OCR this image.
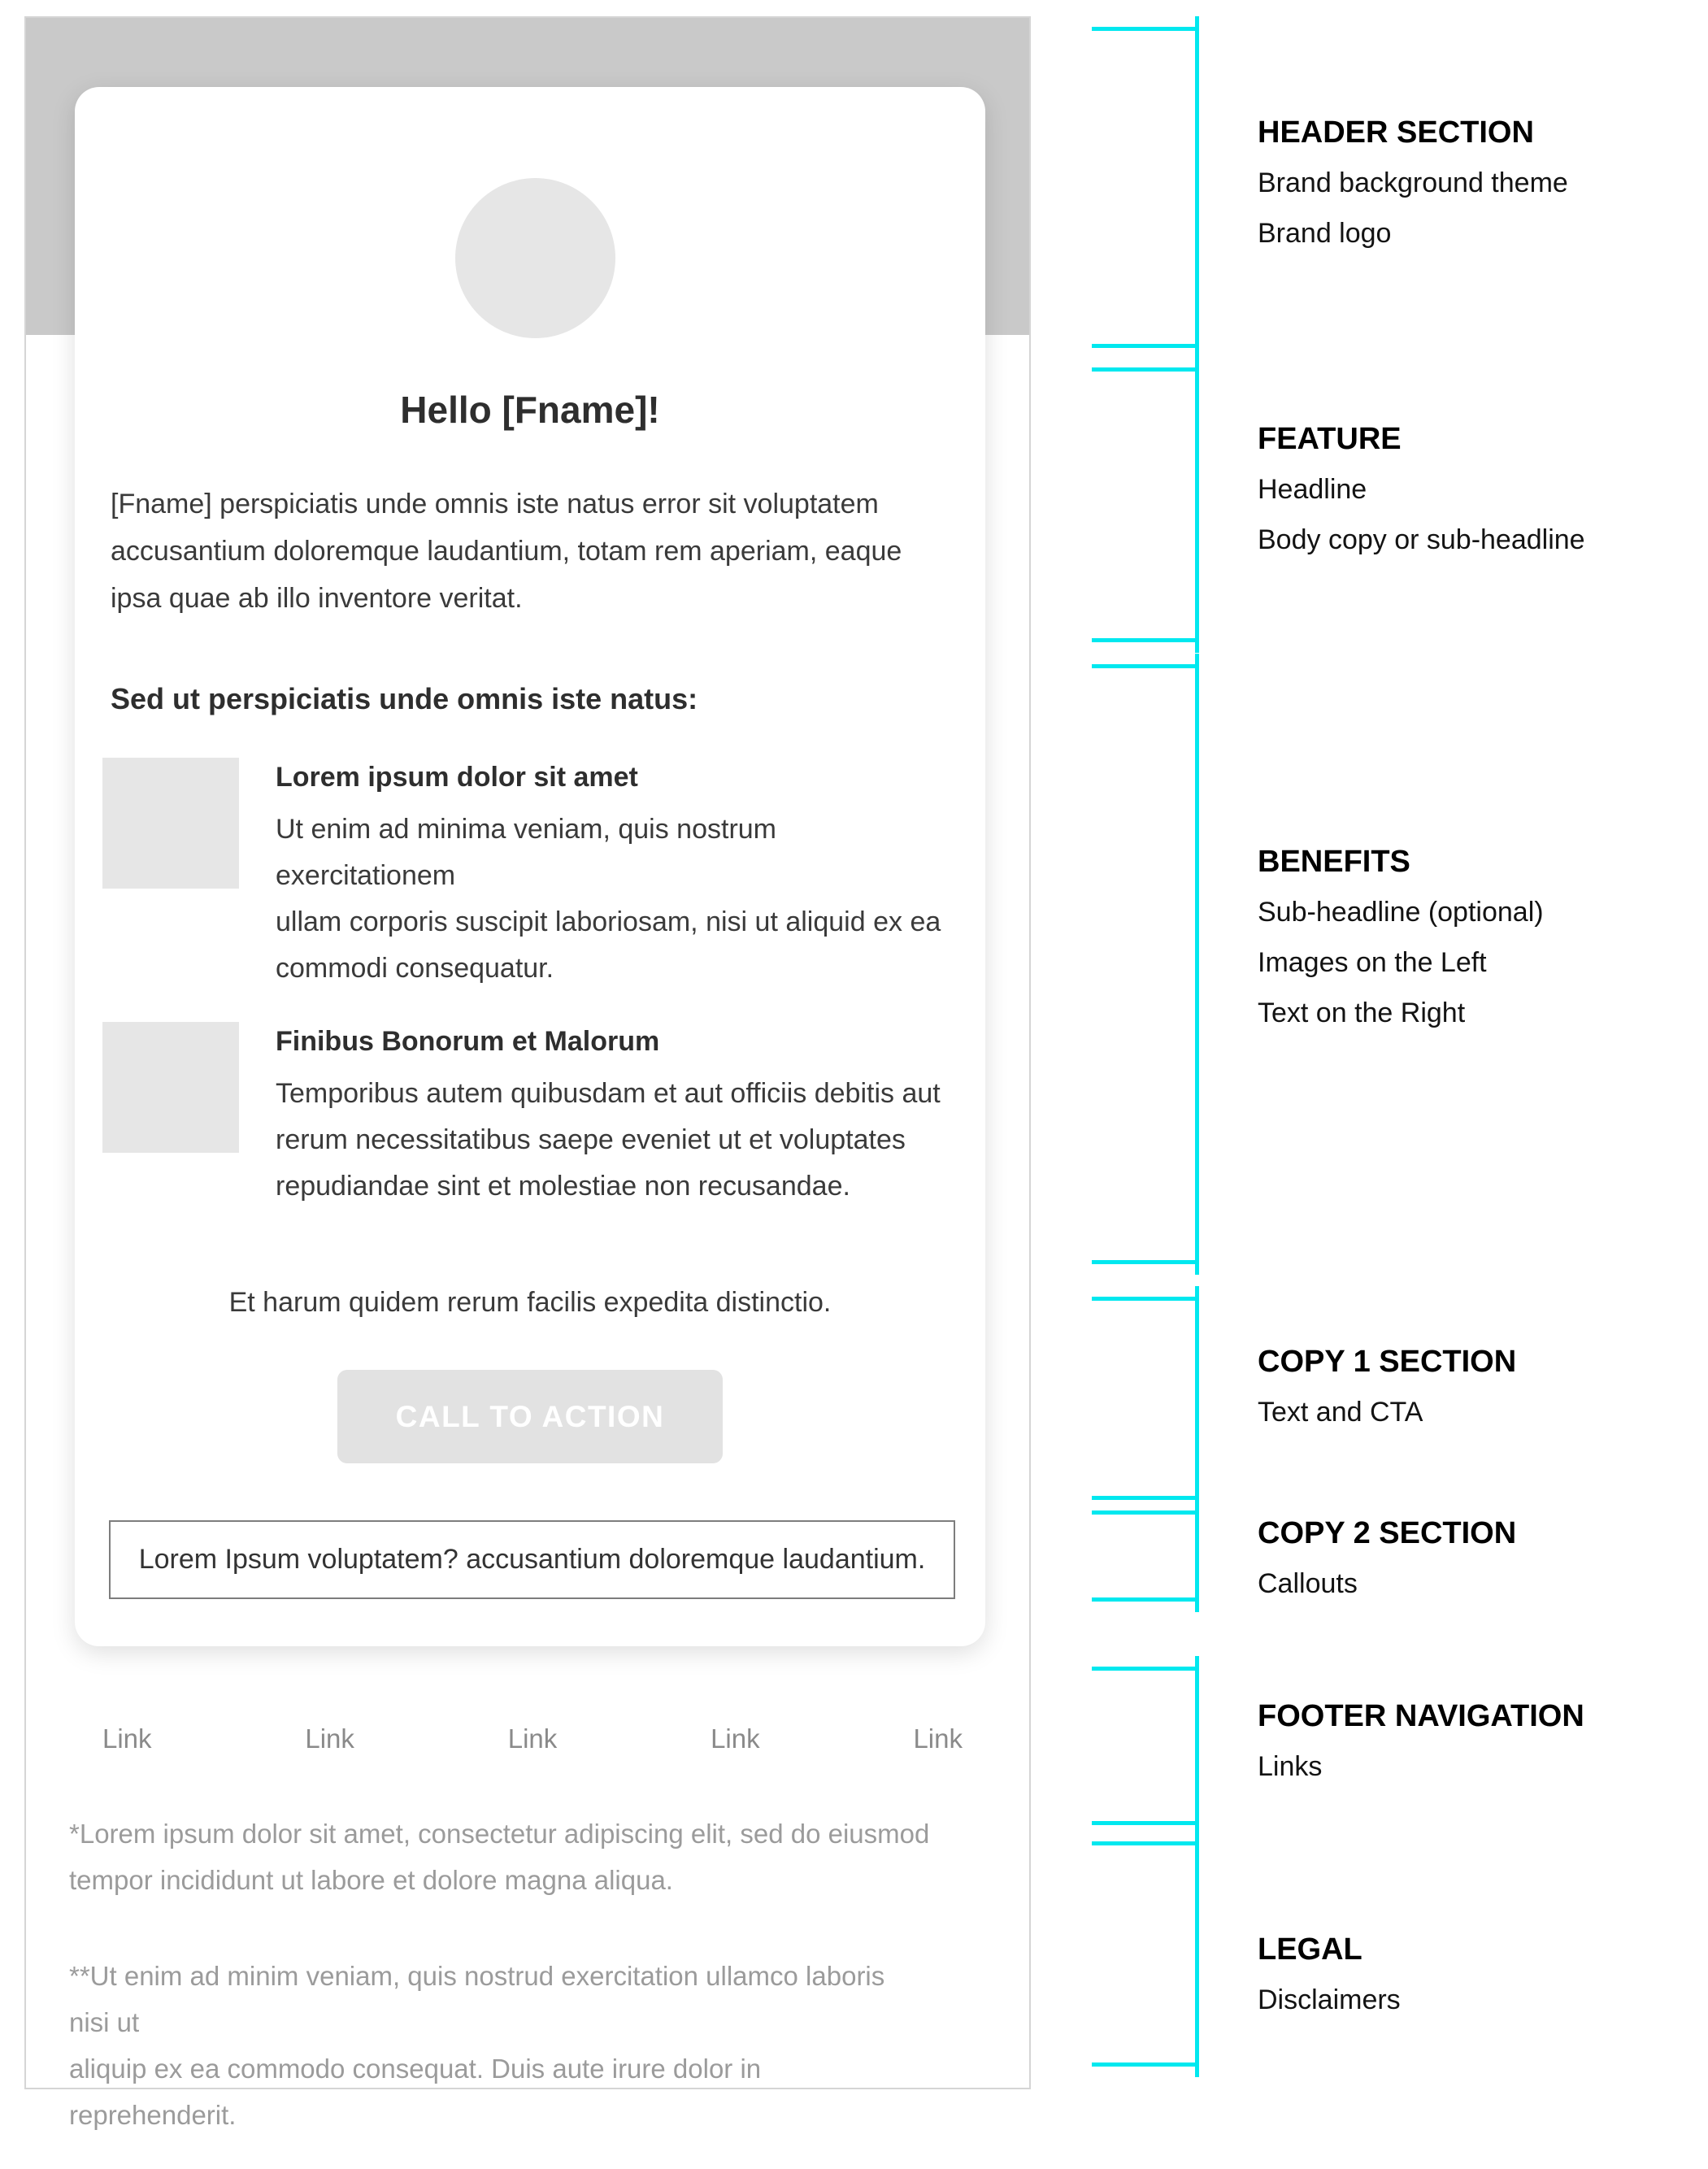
Hello [Fname]!
[Fname] perspiciatis unde omnis iste natus error sit voluptatem
accusantium doloremque laudantium, totam rem aperiam, eaque
ipsa quae ab illo inventore veritat.
Sed ut perspiciatis unde omnis iste natus:
Lorem ipsum dolor sit amet
Ut enim ad minima veniam, quis nostrum exercitationem
ullam corporis suscipit laboriosam, nisi ut aliquid ex ea
commodi consequatur.
Finibus Bonorum et Malorum
Temporibus autem quibusdam et aut officiis debitis aut
rerum necessitatibus saepe eveniet ut et voluptates
repudiandae sint et molestiae non recusandae.
Et harum quidem rerum facilis expedita distinctio.
CALL TO ACTION
Lorem Ipsum voluptatem? accusantium doloremque laudantium.
Link	Link	Link	Link	Link
*Lorem ipsum dolor sit amet, consectetur adipiscing elit, sed do eiusmod
tempor incididunt ut labore et dolore magna aliqua.
**Ut enim ad minim veniam, quis nostrud exercitation ullamco laboris nisi ut
aliquip ex ea commodo consequat. Duis aute irure dolor in reprehenderit.
HEADER SECTION
Brand background theme
Brand logo
FEATURE
Headline
Body copy or sub-headline
BENEFITS
Sub-headline (optional)
Images on the Left
Text on the Right
COPY 1 SECTION
Text and CTA
COPY 2 SECTION
Callouts
FOOTER NAVIGATION
Links
LEGAL
Disclaimers
